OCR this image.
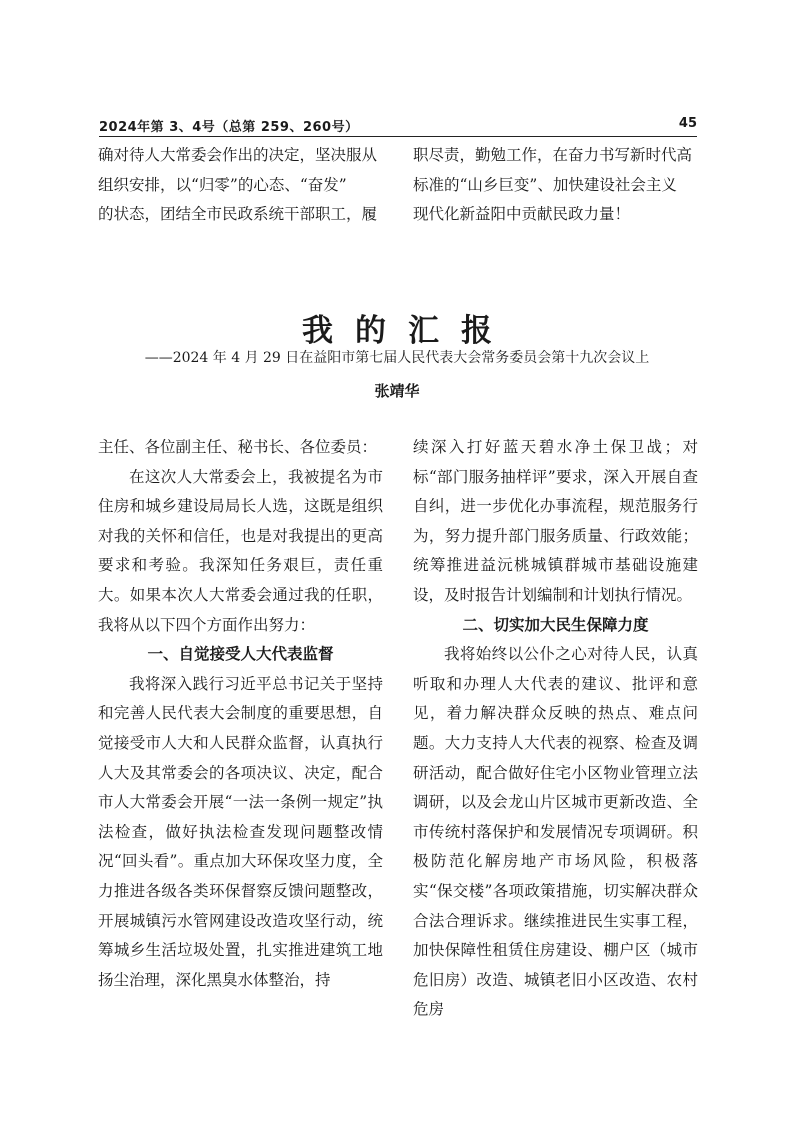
2024年第 3、4号（总第 259、260号）	45

确对待人大常委会作出的决定，坚决服从

组织安排，以“归零”的心态、“奋发”

的状态，团结全市民政系统干部职工，履

职尽责，勤勉工作，在奋力书写新时代高

标准的“山乡巨变”、加快建设社会主义

现代化新益阳中贡献民政力量！

我的汇报
——2024 年 4 月 29 日在益阳市第七届人民代表大会常务委员会第十九次会议上
张靖华

主任、各位副主任、秘书长、各位委员：

在这次人大常委会上，我被提名为市住房和城乡建设局局长人选，这既是组织对我的关怀和信任，也是对我提出的更高要求和考验。我深知任务艰巨，责任重大。如果本次人大常委会通过我的任职，我将从以下四个方面作出努力：

一、自觉接受人大代表监督

我将深入践行习近平总书记关于坚持和完善人民代表大会制度的重要思想，自觉接受市人大和人民群众监督，认真执行人大及其常委会的各项决议、决定，配合市人大常委会开展“一法一条例一规定”执法检查，做好执法检查发现问题整改情况“回头看”。重点加大环保攻坚力度，全力推进各级各类环保督察反馈问题整改，开展城镇污水管网建设改造攻坚行动，统筹城乡生活垃圾处置，扎实推进建筑工地扬尘治理，深化黑臭水体整治，持

续深入打好蓝天碧水净土保卫战；对标“部门服务抽样评”要求，深入开展自查自纠，进一步优化办事流程，规范服务行为，努力提升部门服务质量、行政效能；统筹推进益沅桃城镇群城市基础设施建设，及时报告计划编制和计划执行情况。

二、切实加大民生保障力度

我将始终以公仆之心对待人民，认真听取和办理人大代表的建议、批评和意见，着力解决群众反映的热点、难点问题。大力支持人大代表的视察、检查及调研活动，配合做好住宅小区物业管理立法调研，以及会龙山片区城市更新改造、全市传统村落保护和发展情况专项调研。积极防范化解房地产市场风险，积极落实“保交楼”各项政策措施，切实解决群众合法合理诉求。继续推进民生实事工程，加快保障性租赁住房建设、棚户区（城市危旧房）改造、城镇老旧小区改造、农村危房
